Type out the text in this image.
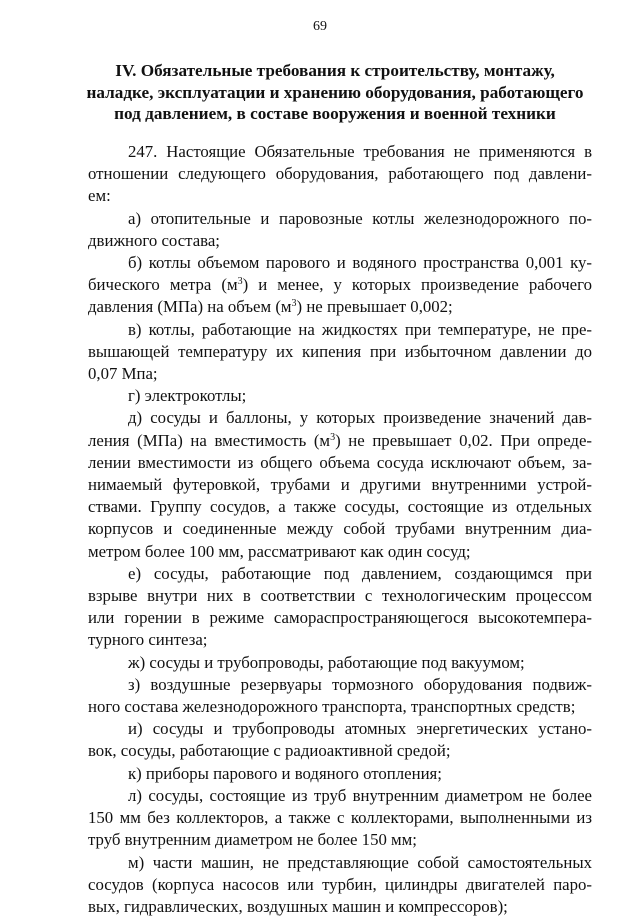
69
IV. Обязательные требования к строительству, монтажу,
наладке, эксплуатации и хранению оборудования, работающего
под давлением, в составе вооружения и военной техники
247. Настоящие Обязательные требования не применяются в
отношении следующего оборудования, работающего под давлени-
ем:
а) отопительные и паровозные котлы железнодорожного по-
движного состава;
б) котлы объемом парового и водяного пространства 0,001 ку-
бического метра $(м^3)$ и менее, у которых произведение рабочего
давления (МПа) на объем $(м^3)$ не превышает 0,002;
в) котлы, работающие на жидкостях при температуре, не пре-
вышающей температуру их кипения при избыточном давлении до
0,07 Мпа;
г) электрокотлы;
д) сосуды и баллоны, у которых произведение значений дав-
ления (МПа) на вместимость $(м^3)$ не превышает 0,02. При опреде-
лении вместимости из общего объема сосуда исключают объем, за-
нимаемый футеровкой, трубами и другими внутренними устрой-
ствами. Группу сосудов, а также сосуды, состоящие из отдельных
корпусов и соединенные между собой трубами внутренним диа-
метром более 100 мм, рассматривают как один сосуд;
е) сосуды, работающие под давлением, создающимся при
взрыве внутри них в соответствии с технологическим процессом
или горении в режиме самораспространяющегося высокотемпера-
турного синтеза;
ж) сосуды и трубопроводы, работающие под вакуумом;
з) воздушные резервуары тормозного оборудования подвиж-
ного состава железнодорожного транспорта, транспортных средств;
и) сосуды и трубопроводы атомных энергетических устано-
вок, сосуды, работающие с радиоактивной средой;
к) приборы парового и водяного отопления;
л) сосуды, состоящие из труб внутренним диаметром не более
150 мм без коллекторов, а также с коллекторами, выполненными из
труб внутренним диаметром не более 150 мм;
м) части машин, не представляющие собой самостоятельных
сосудов (корпуса насосов или турбин, цилиндры двигателей паро-
вых, гидравлических, воздушных машин и компрессоров);
